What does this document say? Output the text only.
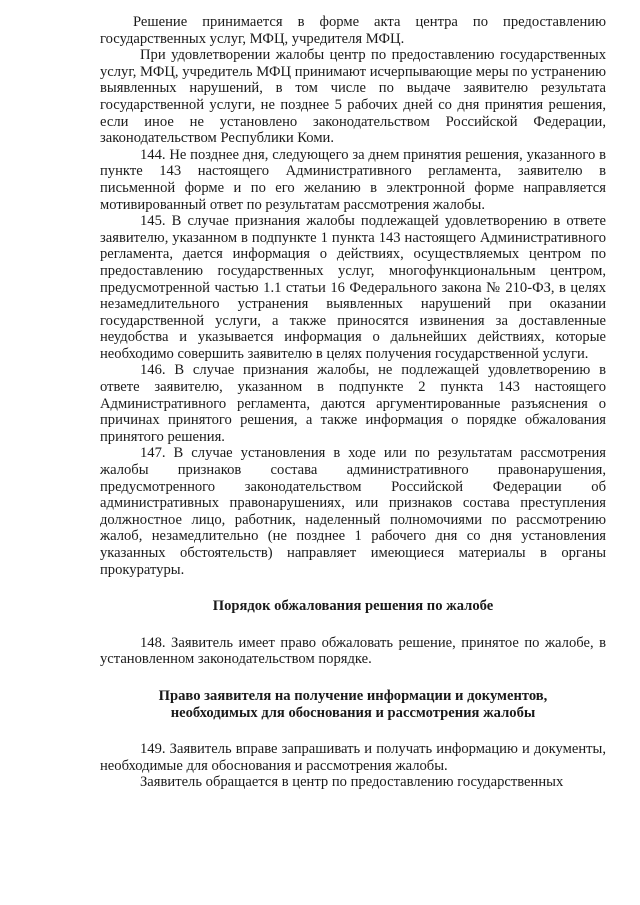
Решение принимается в форме акта центра по предоставлению государственных услуг, МФЦ, учредителя МФЦ.

При удовлетворении жалобы центр по предоставлению государственных услуг, МФЦ, учредитель МФЦ принимают исчерпывающие меры по устранению выявленных нарушений, в том числе по выдаче заявителю результата государственной услуги, не позднее 5 рабочих дней со дня принятия решения, если иное не установлено законодательством Российской Федерации, законодательством Республики Коми.

144. Не позднее дня, следующего за днем принятия решения, указанного в пункте 143 настоящего Административного регламента, заявителю в письменной форме и по его желанию в электронной форме направляется мотивированный ответ по результатам рассмотрения жалобы.

145. В случае признания жалобы подлежащей удовлетворению в ответе заявителю, указанном в подпункте 1 пункта 143 настоящего Административного регламента, дается информация о действиях, осуществляемых центром по предоставлению государственных услуг, многофункциональным центром, предусмотренной частью 1.1 статьи 16 Федерального закона № 210-ФЗ, в целях незамедлительного устранения выявленных нарушений при оказании государственной услуги, а также приносятся извинения за доставленные неудобства и указывается информация о дальнейших действиях, которые необходимо совершить заявителю в целях получения государственной услуги.

146. В случае признания жалобы, не подлежащей удовлетворению в ответе заявителю, указанном в подпункте 2 пункта 143 настоящего Административного регламента, даются аргументированные разъяснения о причинах принятого решения, а также информация о порядке обжалования принятого решения.

147. В случае установления в ходе или по результатам рассмотрения жалобы признаков состава административного правонарушения, предусмотренного законодательством Российской Федерации об административных правонарушениях, или признаков состава преступления должностное лицо, работник, наделенный полномочиями по рассмотрению жалоб, незамедлительно (не позднее 1 рабочего дня со дня установления указанных обстоятельств) направляет имеющиеся материалы в органы прокуратуры.

Порядок обжалования решения по жалобе

148. Заявитель имеет право обжаловать решение, принятое по жалобе, в установленном законодательством порядке.

Право заявителя на получение информации и документов,
необходимых для обоснования и рассмотрения жалобы

149. Заявитель вправе запрашивать и получать информацию и документы, необходимые для обоснования и рассмотрения жалобы.

Заявитель обращается в центр по предоставлению государственных
